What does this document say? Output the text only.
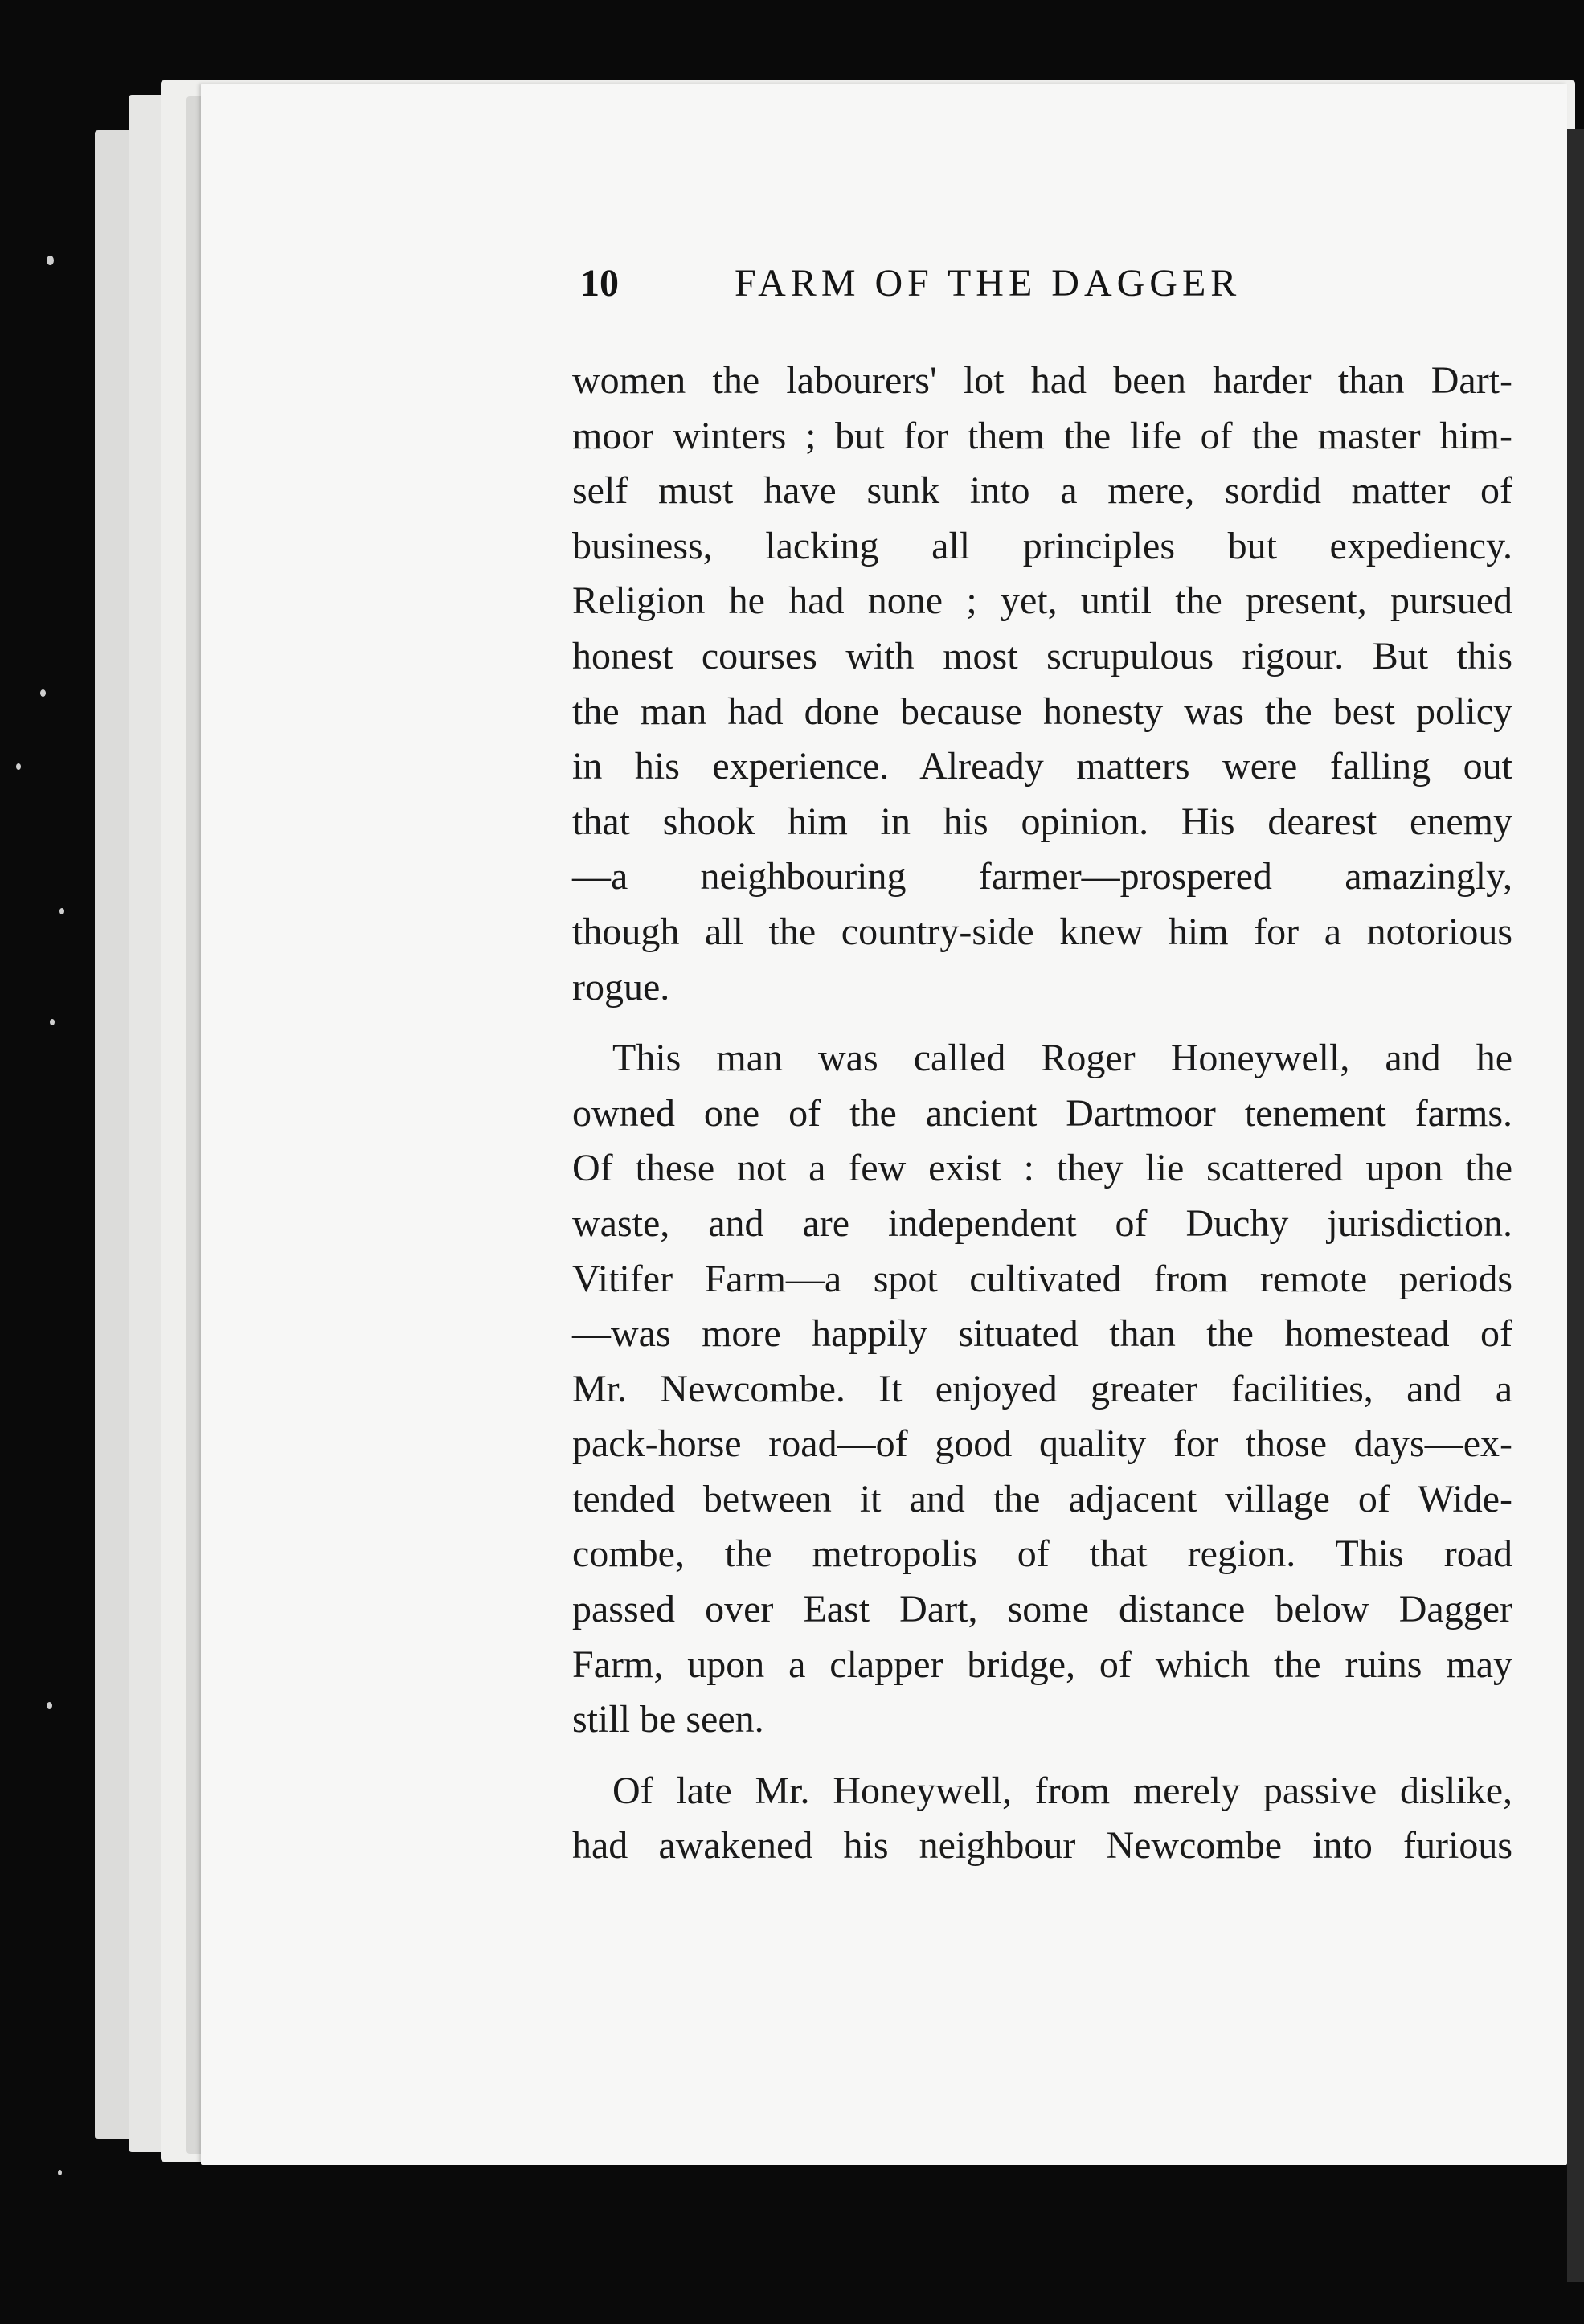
10	FARM OF THE DAGGER
women the labourers' lot had been harder than Dart-
moor winters ; but for them the life of the master him-
self must have sunk into a mere, sordid matter of
business, lacking all principles but expediency.
Religion he had none ; yet, until the present, pursued
honest courses with most scrupulous rigour. But this
the man had done because honesty was the best policy
in his experience. Already matters were falling out
that shook him in his opinion. His dearest enemy
—a neighbouring farmer—prospered amazingly,
though all the country-side knew him for a notorious
rogue.
This man was called Roger Honeywell, and he
owned one of the ancient Dartmoor tenement farms.
Of these not a few exist : they lie scattered upon the
waste, and are independent of Duchy jurisdiction.
Vitifer Farm—a spot cultivated from remote periods
—was more happily situated than the homestead of
Mr. Newcombe. It enjoyed greater facilities, and a
pack-horse road—of good quality for those days—ex-
tended between it and the adjacent village of Wide-
combe, the metropolis of that region. This road
passed over East Dart, some distance below Dagger
Farm, upon a clapper bridge, of which the ruins may
still be seen.
Of late Mr. Honeywell, from merely passive dislike,
had awakened his neighbour Newcombe into furious
